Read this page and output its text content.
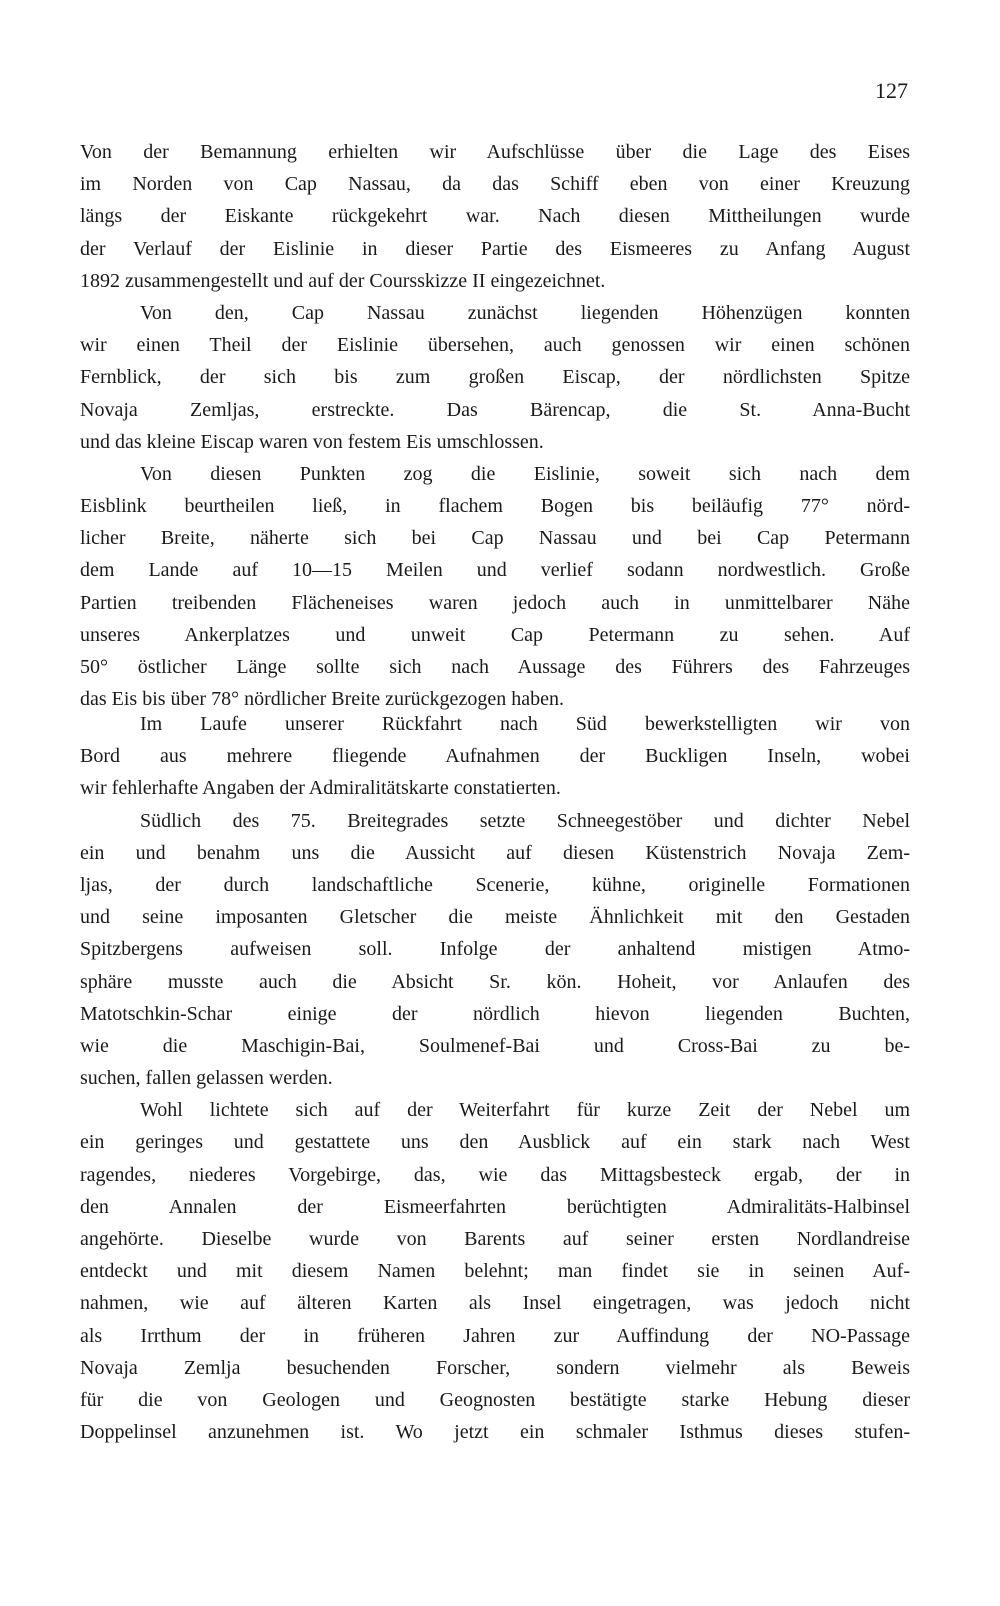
127
Von der Bemannung erhielten wir Aufschlüsse über die Lage des Eises
im Norden von Cap Nassau, da das Schiff eben von einer Kreuzung
längs der Eiskante rückgekehrt war. Nach diesen Mittheilungen wurde
der Verlauf der Eislinie in dieser Partie des Eismeeres zu Anfang August
1892 zusammengestellt und auf der Coursskizze II eingezeichnet.
Von den, Cap Nassau zunächst liegenden Höhenzügen konnten
wir einen Theil der Eislinie übersehen, auch genossen wir einen schönen
Fernblick, der sich bis zum großen Eiscap, der nördlichsten Spitze
Novaja Zemljas, erstreckte. Das Bärencap, die St. Anna-Bucht
und das kleine Eiscap waren von festem Eis umschlossen.
Von diesen Punkten zog die Eislinie, soweit sich nach dem
Eisblink beurtheilen ließ, in flachem Bogen bis beiläufig 77° nörd-
licher Breite, näherte sich bei Cap Nassau und bei Cap Petermann
dem Lande auf 10—15 Meilen und verlief sodann nordwestlich. Große
Partien treibenden Flächeneises waren jedoch auch in unmittelbarer Nähe
unseres Ankerplatzes und unweit Cap Petermann zu sehen. Auf
50° östlicher Länge sollte sich nach Aussage des Führers des Fahrzeuges
das Eis bis über 78° nördlicher Breite zurückgezogen haben.
Im Laufe unserer Rückfahrt nach Süd bewerkstelligten wir von
Bord aus mehrere fliegende Aufnahmen der Buckligen Inseln, wobei
wir fehlerhafte Angaben der Admiralitätskarte constatierten.
Südlich des 75. Breitegrades setzte Schneegestöber und dichter Nebel
ein und benahm uns die Aussicht auf diesen Küstenstrich Novaja Zem-
ljas, der durch landschaftliche Scenerie, kühne, originelle Formationen
und seine imposanten Gletscher die meiste Ähnlichkeit mit den Gestaden
Spitzbergens aufweisen soll. Infolge der anhaltend mistigen Atmo-
sphäre musste auch die Absicht Sr. kön. Hoheit, vor Anlaufen des
Matotschkin-Schar einige der nördlich hievon liegenden Buchten,
wie die Maschigin-Bai, Soulmenef-Bai und Cross-Bai zu be-
suchen, fallen gelassen werden.
Wohl lichtete sich auf der Weiterfahrt für kurze Zeit der Nebel um
ein geringes und gestattete uns den Ausblick auf ein stark nach West
ragendes, niederes Vorgebirge, das, wie das Mittagsbesteck ergab, der in
den Annalen der Eismeerfahrten berüchtigten Admiralitäts-Halbinsel
angehörte. Dieselbe wurde von Barents auf seiner ersten Nordlandreise
entdeckt und mit diesem Namen belehnt; man findet sie in seinen Auf-
nahmen, wie auf älteren Karten als Insel eingetragen, was jedoch nicht
als Irrthum der in früheren Jahren zur Auffindung der NO-Passage
Novaja Zemlja besuchenden Forscher, sondern vielmehr als Beweis
für die von Geologen und Geognosten bestätigte starke Hebung dieser
Doppelinsel anzunehmen ist. Wo jetzt ein schmaler Isthmus dieses stufen-
